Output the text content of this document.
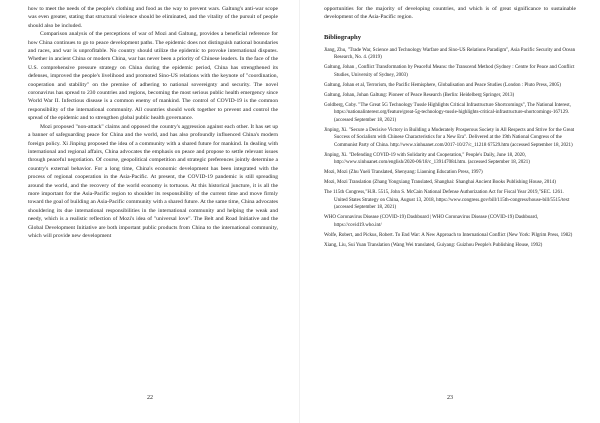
how to meet the needs of the people's clothing and food as the way to prevent wars. Galtung's anti-war scope was even greater, stating that structural violence should be eliminated, and the vitality of the pursuit of people should also be included.

Comparison analysis of the perceptions of war of Mozi and Galtung, provides a beneficial reference for how China continues to go to peace development paths. The epidemic does not distinguish national boundaries and races, and war is unprofitable. No country should utilize the epidemic to provoke international disputes. Whether in ancient China or modern China, war has never been a priority of Chinese leaders. In the face of the U.S. comprehensive pressure strategy on China during the epidemic period, China has strengthened its defenses, improved the people's livelihood and promoted Sino-US relations with the keynote of "coordination, cooperation and stability" on the premise of adhering to national sovereignty and security. The novel coronavirus has spread to 230 countries and regions, becoming the most serious public health emergency since World War II. Infectious disease is a common enemy of mankind. The control of COVID-19 is the common responsibility of the international community. All countries should work together to prevent and control the spread of the epidemic and to strengthen global public health governance.

Mozi proposed "non-attack" claims and opposed the country's aggression against each other. It has set up a banner of safeguarding peace for China and the world, and has also profoundly influenced China's modern foreign policy. Xi Jinping proposed the idea of a community with a shared future for mankind. In dealing with international and regional affairs, China advocates the emphasis on peace and propose to settle relevant issues through peaceful negotiation. Of course, geopolitical competition and strategic preferences jointly determine a country's external behavior. For a long time, China's economic development has been integrated with the process of regional cooperation in the Asia-Pacific. At present, the COVID-19 pandemic is still spreading around the world, and the recovery of the world economy is tortuous. At this historical juncture, it is all the more important for the Asia-Pacific region to shoulder its responsibility of the current time and move firmly toward the goal of building an Asia-Pacific community with a shared future. At the same time, China advocates shouldering its due international responsibilities in the international community and helping the weak and needy, which is a realistic reflection of Mozi's idea of "universal love". The Belt and Road Initiative and the Global Development Initiative are both important public products from China to the international community, which will provide new development

22

opportunities for the majority of developing countries, and which is of great significance to sustainable development of the Asia-Pacific region.

Bibliography

Jiang, Zhu, "Trade War, Science and Technology Warfare and Sino-US Relations Paradigm", Asia Pacific Security and Ocean Research, No. 4. (2019)

Galtung, Johan , Conflict Transformation by Peaceful Means: the Transcend Method (Sydney : Centre for Peace and Conflict Studies, University of Sydney, 2003)

Galtung, Johan et al, Terrorism, the Pacific Hemisphere, Globalisation and Peace Studies (London : Pluto Press, 2005)

Galtung, Johan, Johan Galtung: Pioneer of Peace Research (Berlin: Heidelberg Springer, 2013)

Goldberg, Coby. "The Great 5G Technology Tussle Highlights Critical Infrastructure Shortcomings", The National Interest, https://nationalinterest.org/feature/great-5g-technology-tussle-highlights-critical-infrastructure-shortcomings-167129. (accessed September 18, 2021)

Jinping, Xi. "Secure a Decisive Victory in Building a Moderately Prosperous Society in All Respects and Strive for the Great Success of Socialism with Chinese Characteristics for a New Era". Delivered at the 19th National Congress of the Communist Party of China. http://www.xinhuanet.com/2017-10/27/c_11218 67529.htm (accessed September 18, 2021)

Jinping, Xi. "Defending COVID-19 with Solidarity and Cooperation," People's Daily, June 18, 2020, http://www.xinhuanet.com/english/2020-06/18/c_139147084.htm. (accessed September 18, 2021)

Mozi, Mozi (Zhu Yueli Translated, Shenyang: Liaoning Education Press, 1997)

Mozi, Mozi Translation (Zhang Yongxiang Translated, Shanghai: Shanghai Ancient Books Publishing House, 2014)

The 115th Congress,"H.R. 5515, John S. McCain National Defense Authorization Act for Fiscal Year 2019,"SEC. 1261. United States Strategy on China, August 13, 2018, https://www.congress.gov/bill/115th-congress/house-bill/5515/text (accessed September 18, 2021)

WHO Coronavirus Disease (COVID-19) Dashboard | WHO Coronavirus Disease (COVID-19) Dashboard, https://covid19.who.int/

Wolfe, Robert, and Pickus, Robert. To End War: A New Approach to International Conflict (New York: Pilgrim Press, 1982)

Xiang, Liu, Sui Yuan Translation (Wang Wei translated, Guiyang: Guizhou People's Publishing House, 1992)

23
